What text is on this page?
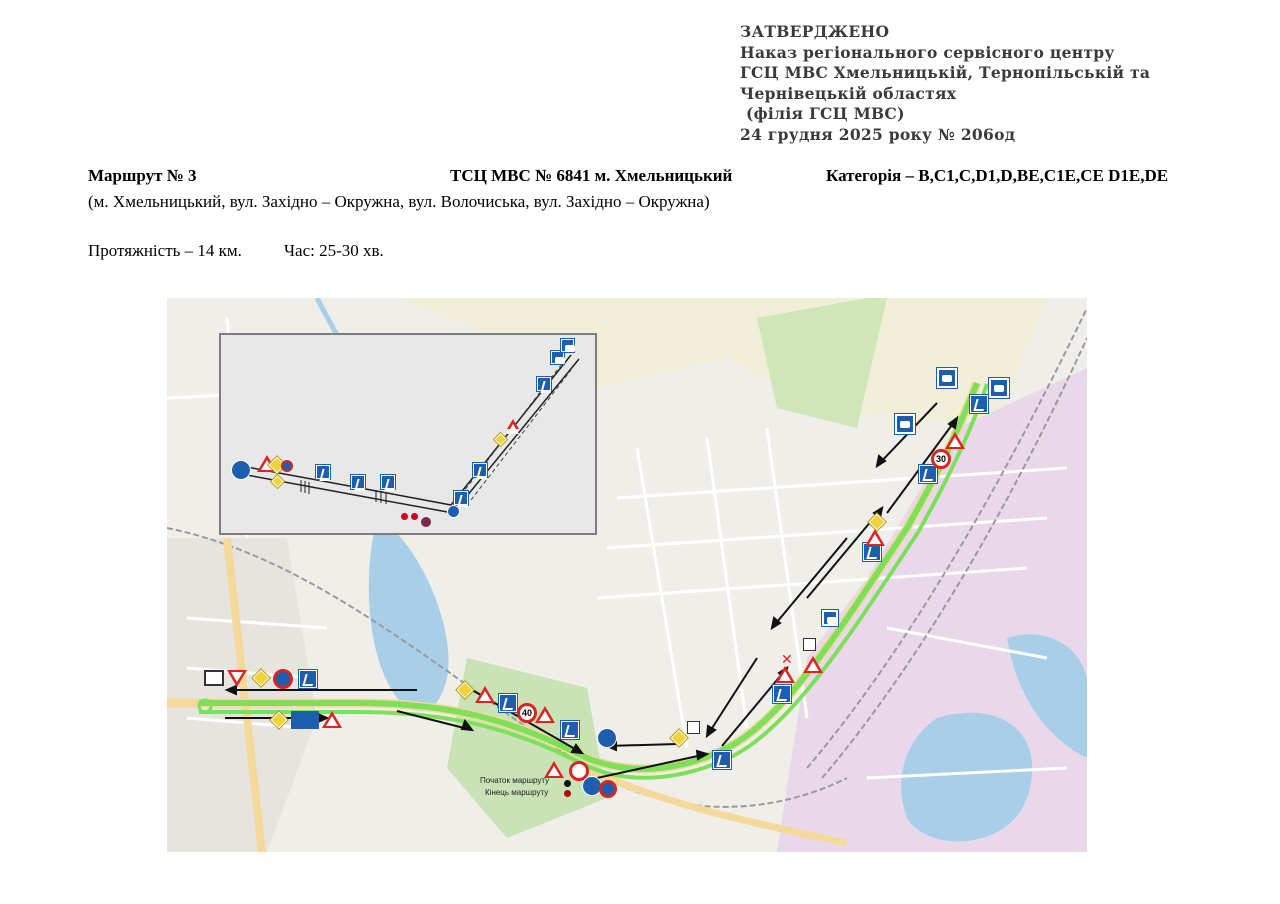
ЗАТВЕРДЖЕНО
Наказ регіонального сервісного центру
ГСЦ МВС Хмельницькій, Тернопільській та
Чернівецькій областях
(філія ГСЦ МВС)
24 грудня 2025 року № 206од
Маршрут № 3	ТСЦ МВС № 6841 м. Хмельницький	Категорія – В,С1,С,D1,D,BE,C1E,CE D1E,DE
(м. Хмельницький, вул. Західно – Окружна, вул. Волочиська, вул. Західно – Окружна)
Протяжність – 14 км. Час: 25-30 хв.
40
Початок маршруту
Кінець маршруту
✕
30
